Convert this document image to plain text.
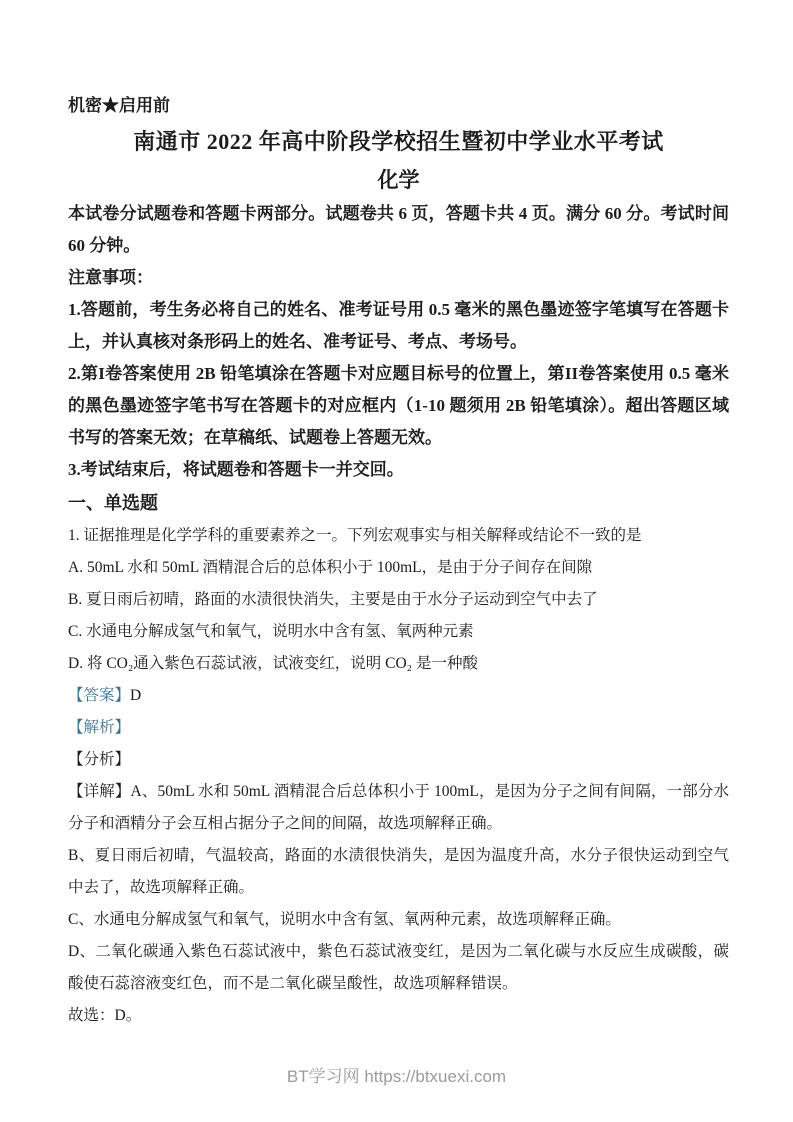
机密★启用前
南通市 2022 年高中阶段学校招生暨初中学业水平考试
化学

本试卷分试题卷和答题卡两部分。试题卷共 6 页，答题卡共 4 页。满分 60 分。考试时间 60 分钟。

注意事项：

1.答题前，考生务必将自己的姓名、准考证号用 0.5 毫米的黑色墨迹签字笔填写在答题卡上，并认真核对条形码上的姓名、准考证号、考点、考场号。

2.第I卷答案使用 2B 铅笔填涂在答题卡对应题目标号的位置上，第II卷答案使用 0.5 毫米的黑色墨迹签字笔书写在答题卡的对应框内（1-10 题须用 2B 铅笔填涂）。超出答题区域书写的答案无效；在草稿纸、试题卷上答题无效。

3.考试结束后，将试题卷和答题卡一并交回。

一、单选题

1. 证据推理是化学学科的重要素养之一。下列宏观事实与相关解释或结论不一致的是

A. 50mL 水和 50mL 酒精混合后的总体积小于 100mL，是由于分子间存在间隙

B. 夏日雨后初晴，路面的水渍很快消失，主要是由于水分子运动到空气中去了

C. 水通电分解成氢气和氧气，说明水中含有氢、氧两种元素

D. 将 CO₂通入紫色石蕊试液，试液变红，说明 CO₂ 是一种酸

【答案】D

【解析】

【分析】

【详解】A、50mL 水和 50mL 酒精混合后总体积小于 100mL，是因为分子之间有间隔，一部分水分子和酒精分子会互相占据分子之间的间隔，故选项解释正确。

B、夏日雨后初晴，气温较高，路面的水渍很快消失，是因为温度升高，水分子很快运动到空气中去了，故选项解释正确。

C、水通电分解成氢气和氧气，说明水中含有氢、氧两种元素，故选项解释正确。

D、二氧化碳通入紫色石蕊试液中，紫色石蕊试液变红，是因为二氧化碳与水反应生成碳酸，碳酸使石蕊溶液变红色，而不是二氧化碳呈酸性，故选项解释错误。

故选：D。

BT学习网 https://btxuexi.com
